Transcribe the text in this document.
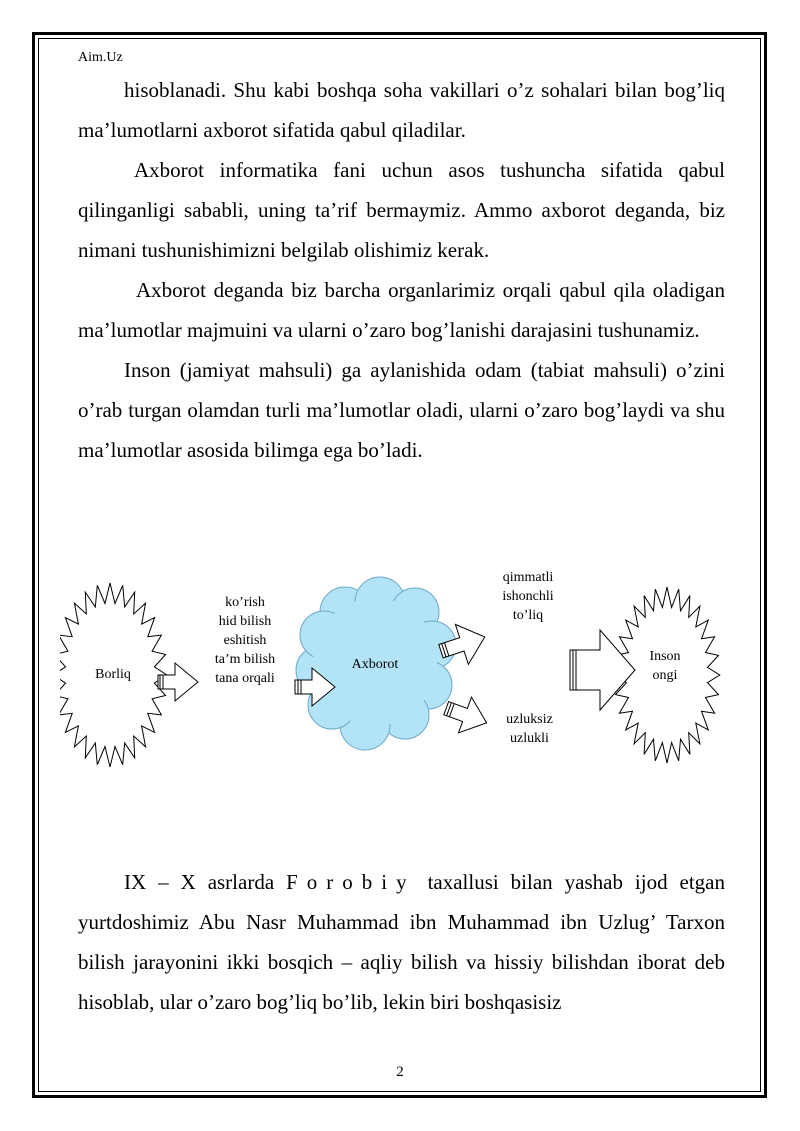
Aim.Uz

hisoblanadi. Shu kabi boshqa soha vakillari o’z sohalari bilan bog’liq ma’lumotlarni axborot sifatida qabul qiladilar.

Axborot informatika fani uchun asos tushuncha sifatida qabul qilinganligi sababli, uning ta’rif bermaymiz. Ammo axborot deganda, biz nimani tushunishimizni belgilab olishimiz kerak.

Axborot deganda biz barcha organlarimiz orqali qabul qila oladigan ma’lumotlar majmuini va ularni o’zaro bog’lanishi darajasini tushunamiz.

Inson (jamiyat mahsuli) ga aylanishida odam (tabiat mahsuli) o’zini o’rab turgan olamdan turli ma’lumotlar oladi, ularni o’zaro bog’laydi va shu ma’lumotlar asosida bilimga ega bo’ladi.

Borliq
ko’rish
hid bilish
eshitish
ta’m bilish
tana orqali
Axborot
qimmatli
ishonchli
to’liq
uzluksiz
uzlukli
Inson
ongi

IX – X asrlarda Forobiy taxallusi bilan yashab ijod etgan yurtdoshimiz Abu Nasr Muhammad ibn Muhammad ibn Uzlug’ Tarxon bilish jarayonini ikki bosqich – aqliy bilish va hissiy bilishdan iborat deb hisoblab, ular o’zaro bog’liq bo’lib, lekin biri boshqasisiz

2
